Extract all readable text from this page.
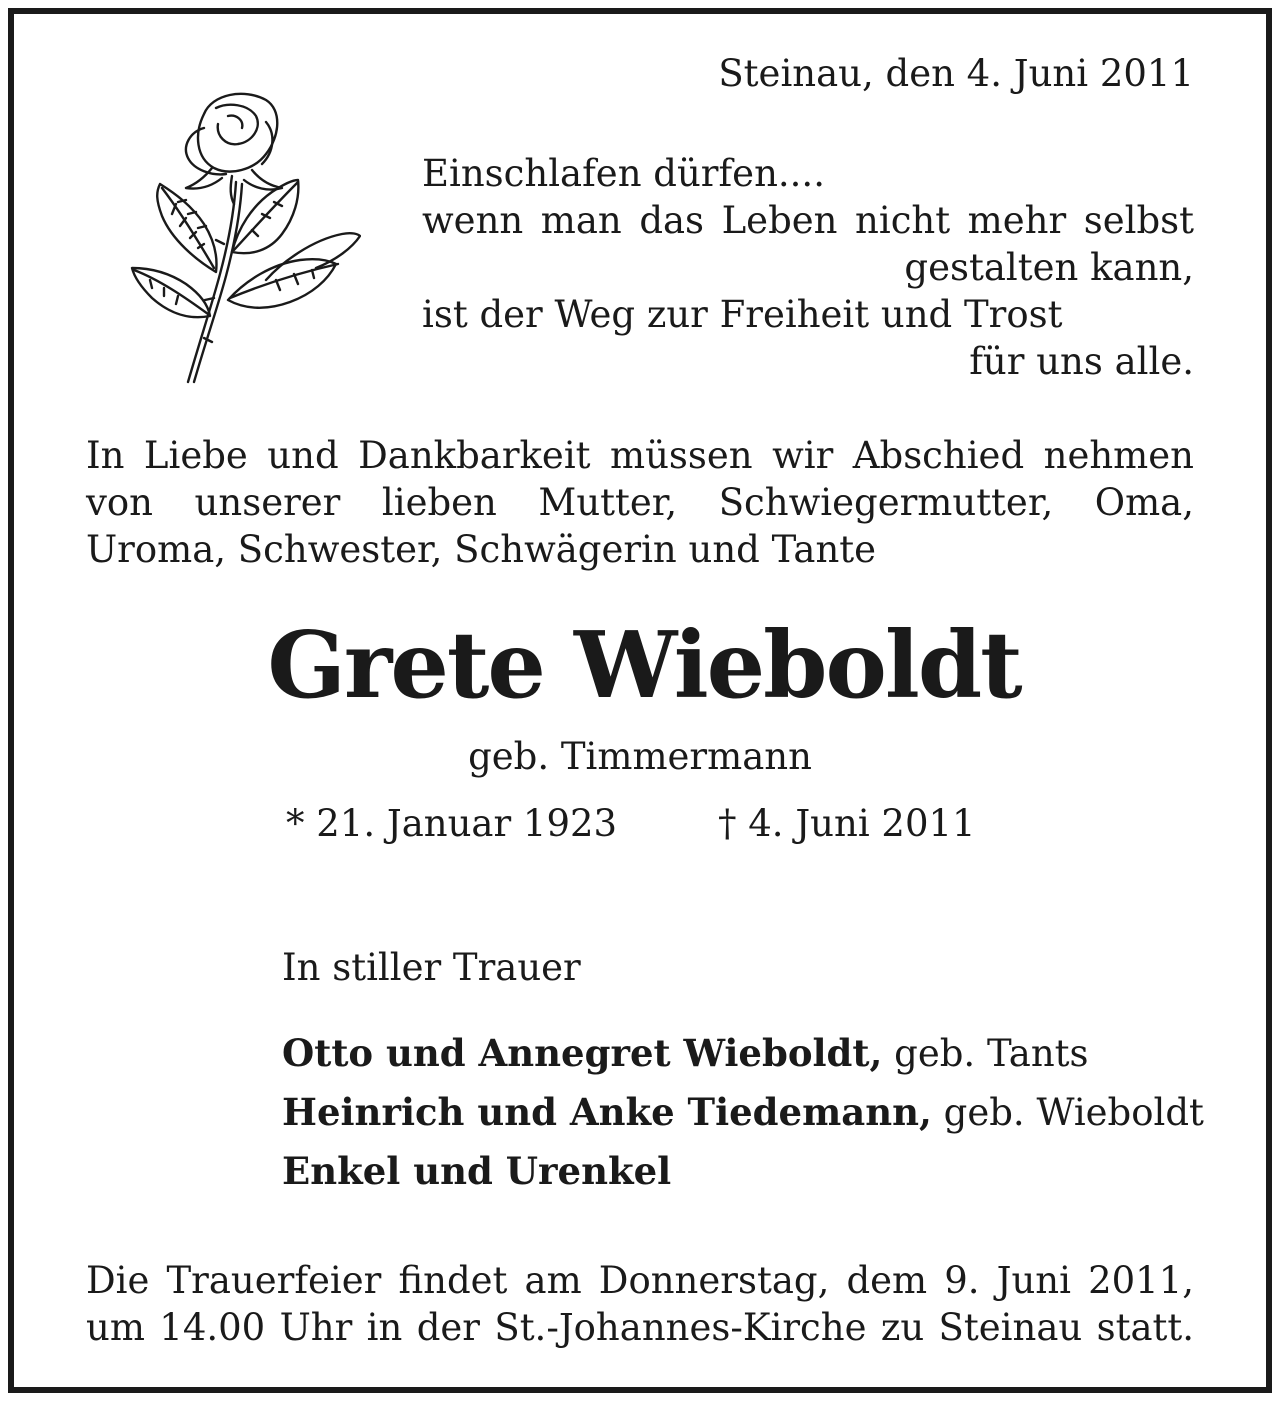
Steinau, den 4. Juni 2011

Einschlafen dürfen....
wenn man das Leben nicht mehr selbst
gestalten kann,
ist der Weg zur Freiheit und Trost
für uns alle.
In Liebe und Dankbarkeit müssen wir Abschied nehmen
von unserer lieben Mutter, Schwiegermutter, Oma,
Uroma, Schwester, Schwägerin und Tante
Grete Wieboldt
geb. Timmermann
* 21. Januar 1923	† 4. Juni 2011
In stiller Trauer
Otto und Annegret Wieboldt, geb. Tants
Heinrich und Anke Tiedemann, geb. Wieboldt
Enkel und Urenkel
Die Trauerfeier findet am Donnerstag, dem 9. Juni 2011,
um 14.00 Uhr in der St.-Johannes-Kirche zu Steinau statt.
